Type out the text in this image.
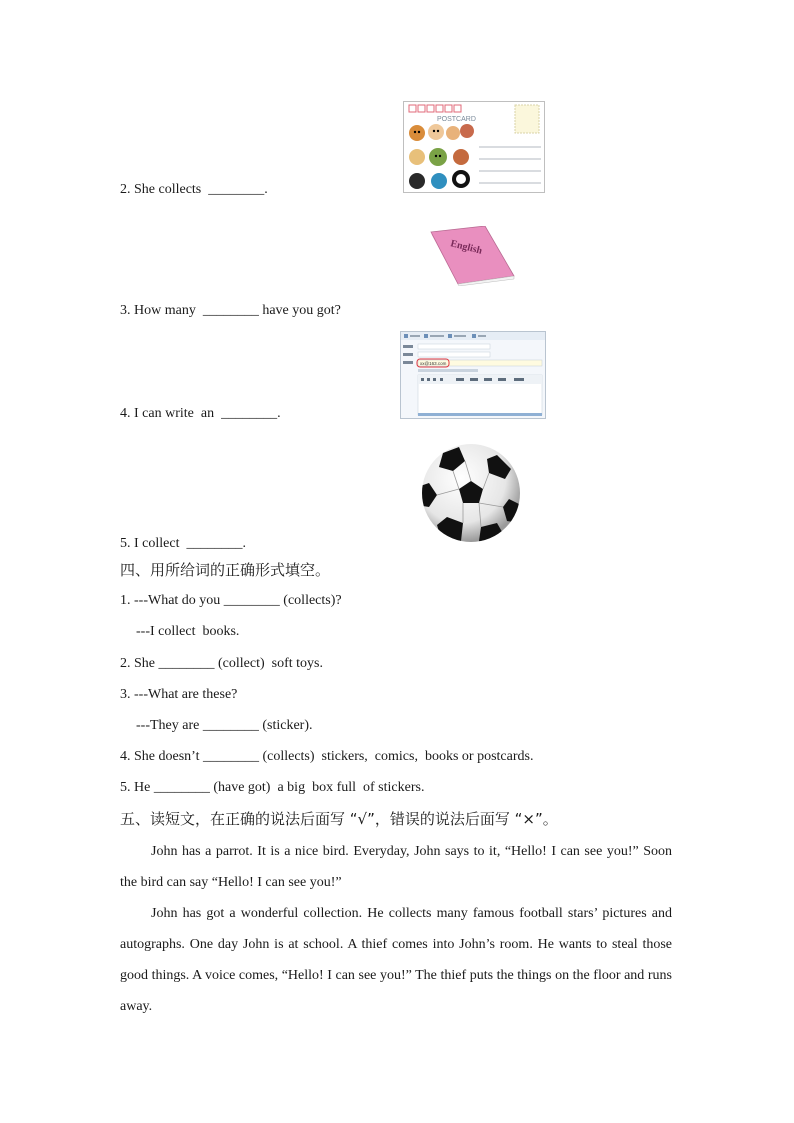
2. She collects  ________.
3. How many  ________ have you got?
4. I can write  an  ________.
5. I collect  ________.
POSTCARD
English
xx@163.com
四、用所给词的正确形式填空。
1. ---What do you ________ (collects)?
---I collect  books.
2. She ________ (collect)  soft toys.
3. ---What are these?
---They are ________ (sticker).
4. She doesn’t ________ (collects)  stickers,  comics,  books or postcards.
5. He ________ (have got)  a big  box full  of stickers.
五、读短文，在正确的说法后面写 “√”，错误的说法后面写 “×”。

John has a parrot. It is a nice bird. Everyday, John says to it, “Hello! I can see you!” Soon the bird can say “Hello! I can see you!”

John has got a wonderful collection. He collects many famous football stars’ pictures and autographs. One day John is at school. A thief comes into John’s room. He wants to steal those good things. A voice comes, “Hello! I can see you!” The thief puts the things on the floor and runs away.
